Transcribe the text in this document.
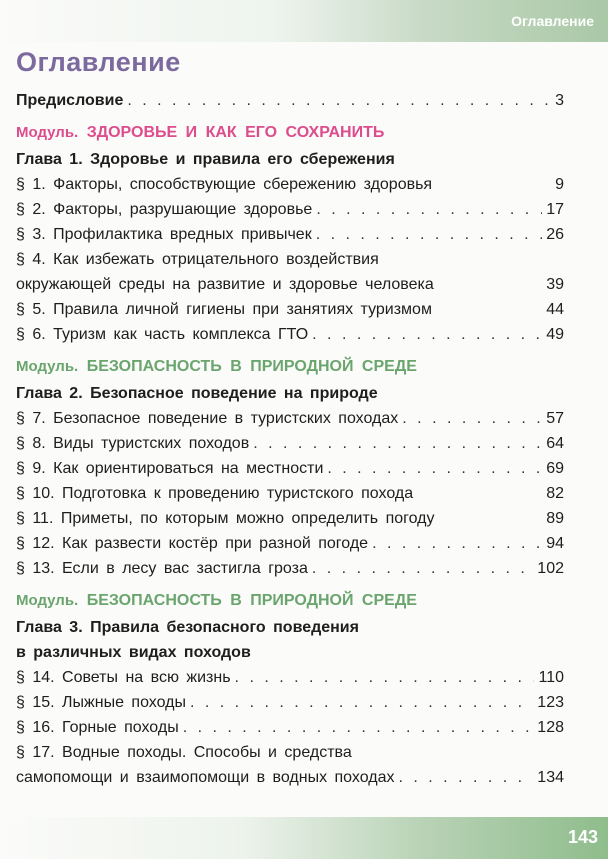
Оглавление
Оглавление
Предисловие . . .	3
Модуль. ЗДОРОВЬЕ И КАК ЕГО СОХРАНИТЬ
Глава 1. Здоровье и правила его сбережения
§ 1. Факторы, способствующие сбережению здоровья	9
§ 2. Факторы, разрушающие здоровье . . .	17
§ 3. Профилактика вредных привычек . . .	26
§ 4. Как избежать отрицательного воздействия
окружающей среды на развитие и здоровье человека	39
§ 5. Правила личной гигиены при занятиях туризмом	44
§ 6. Туризм как часть комплекса ГТО . . .	49
Модуль. БЕЗОПАСНОСТЬ В ПРИРОДНОЙ СРЕДЕ
Глава 2. Безопасное поведение на природе
§ 7. Безопасное поведение в туристских походах . . .	57
§ 8. Виды туристских походов . . .	64
§ 9. Как ориентироваться на местности . . .	69
§ 10. Подготовка к проведению туристского похода	82
§ 11. Приметы, по которым можно определить погоду	89
§ 12. Как развести костёр при разной погоде . . .	94
§ 13. Если в лесу вас застигла гроза . . .	102
Модуль. БЕЗОПАСНОСТЬ В ПРИРОДНОЙ СРЕДЕ
Глава 3. Правила безопасного поведения
в различных видах походов
§ 14. Советы на всю жизнь . . .	110
§ 15. Лыжные походы . . .	123
§ 16. Горные походы . . .	128
§ 17. Водные походы. Способы и средства
самопомощи и взаимопомощи в водных походах . . .	134
143
